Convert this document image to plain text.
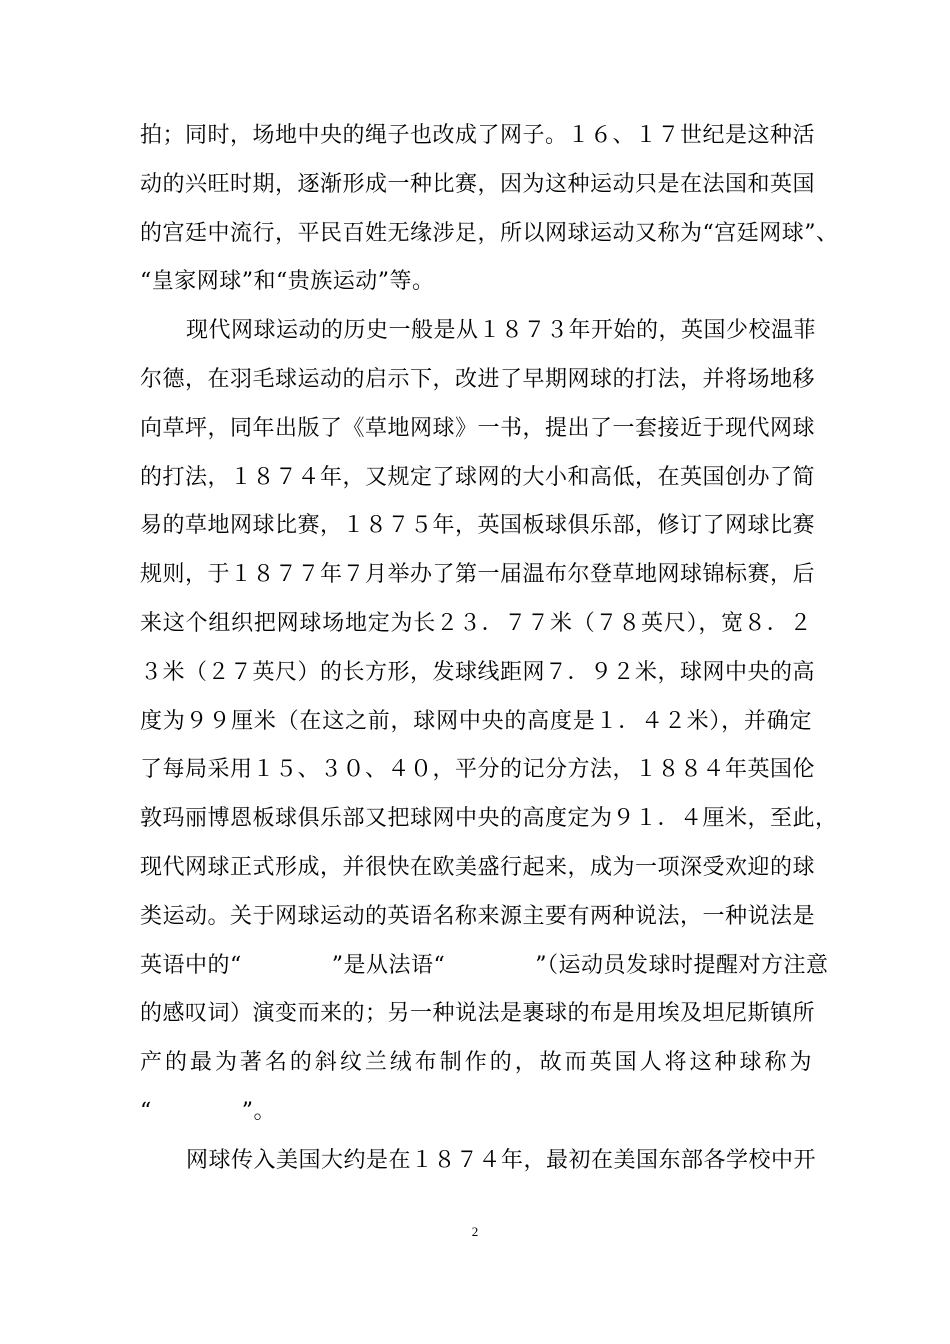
拍；同时，场地中央的绳子也改成了网子。１６、１７世纪是这种活
动的兴旺时期，逐渐形成一种比赛，因为这种运动只是在法国和英国
的宫廷中流行，平民百姓无缘涉足，所以网球运动又称为“宫廷网球”、
“皇家网球”和“贵族运动”等。
现代网球运动的历史一般是从１８７３年开始的，英国少校温菲
尔德，在羽毛球运动的启示下，改进了早期网球的打法，并将场地移
向草坪，同年出版了《草地网球》一书，提出了一套接近于现代网球
的打法，１８７４年，又规定了球网的大小和高低，在英国创办了简
易的草地网球比赛，１８７５年，英国板球俱乐部，修订了网球比赛
规则，于１８７７年７月举办了第一届温布尔登草地网球锦标赛，后
来这个组织把网球场地定为长２３．７７米（７８英尺），宽８．２
３米（２７英尺）的长方形，发球线距网７．９２米，球网中央的高
度为９９厘米（在这之前，球网中央的高度是１．４２米），并确定
了每局采用１５、３０、４０，平分的记分方法，１８８４年英国伦
敦玛丽博恩板球俱乐部又把球网中央的高度定为９１．４厘米，至此，
现代网球正式形成，并很快在欧美盛行起来，成为一项深受欢迎的球
类运动。关于网球运动的英语名称来源主要有两种说法，一种说法是
英语中的“　　　　”是从法语“　　　　”（运动员发球时提醒对方注意
的感叹词）演变而来的；另一种说法是裹球的布是用埃及坦尼斯镇所
产的最为著名的斜纹兰绒布制作的，故而英国人将这种球称为
“　　　　”。
网球传入美国大约是在１８７４年，最初在美国东部各学校中开
2
